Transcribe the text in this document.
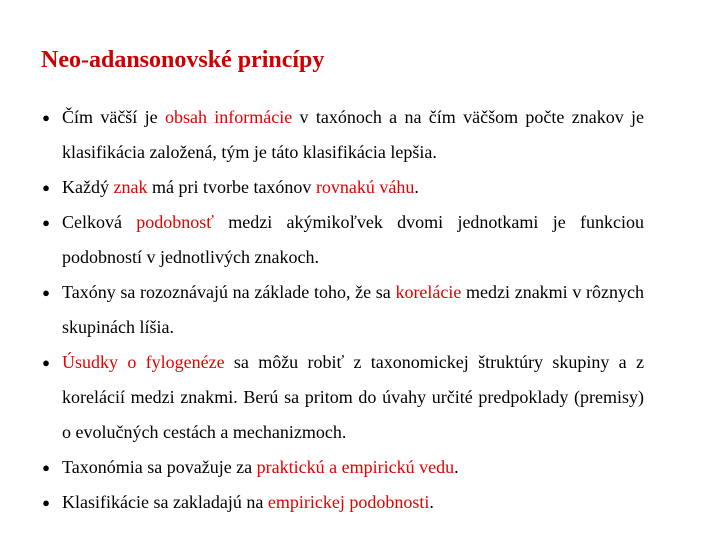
Neo-adansonovské princípy
● Čím väčší je obsah informácie v taxónoch a na čím väčšom počte znakov je klasifikácia založená, tým je táto klasifikácia lepšia.
● Každý znak má pri tvorbe taxónov rovnakú váhu.
● Celková podobnosť medzi akýmikoľvek dvomi jednotkami je funkciou podobností v jednotlivých znakoch.
● Taxóny sa rozoznávajú na základe toho, že sa korelácie medzi znakmi v rôznych skupinách líšia.
● Úsudky o fylogenéze sa môžu robiť z taxonomickej štruktúry skupiny a z korelácií medzi znakmi. Berú sa pritom do úvahy určité predpoklady (premisy) o evolučných cestách a mechanizmoch.
● Taxonómia sa považuje za praktickú a empirickú vedu.
● Klasifikácie sa zakladajú na empirickej podobnosti.
